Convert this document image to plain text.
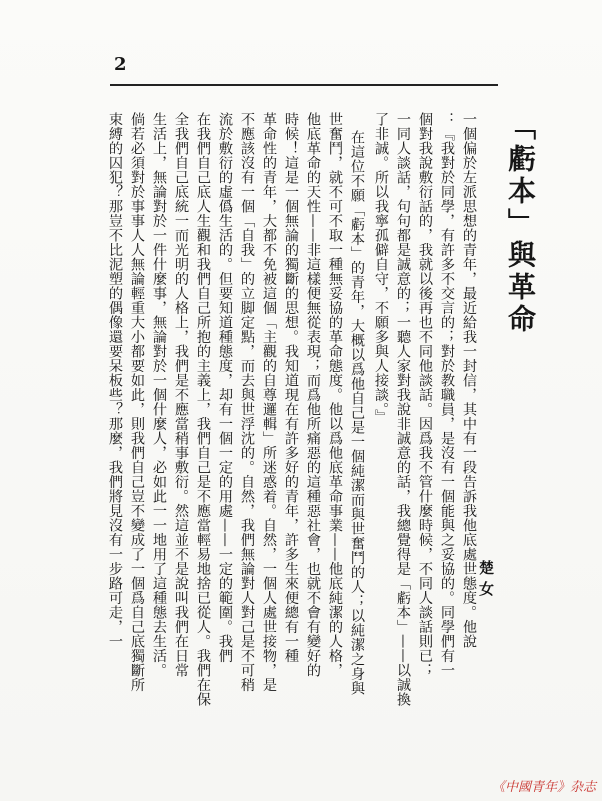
2
「虧本」與革命
楚女
一個偏於左派思想的青年，最近給我一封信，其中有一段告訴我他底處世態度。他說
：『我對於同學，有許多不交言的；對於教職員，是沒有一個能與之妥協的。同學們有一
個對我說敷衍話的，我就以後再也不同他談話。因爲我不管什麼時候，不同人談話則已；
一同人談話，句句都是誠意的；一聽人家對我說非誠意的話，我總覺得是「虧本」——以誠換
了非誠。所以我寧孤僻自守，不願多與人接談。』
在這位不願「虧本」的青年，大概以爲他自己是一個純潔而與世奮鬥的人；以純潔之身與
世奮鬥，就不可不取一種無妥協的革命態度。他以爲他底革命事業——他底純潔的人格，
他底革命的天性——非這樣便無從表現；而爲他所痛惡的這種惡社會，也就不會有變好的
時候！這是一個無論的獨斷的思想。我知道現在有許多好的青年，許多生來便總有一種
革命性的青年，大都不免被這個「主觀的自尊邏輯」所迷惑着。自然，一個人處世接物，是
不應該沒有一個「自我」的立脚定點，而去與世浮沈的。自然，我們無論對人對己是不可稍
流於敷衍的虛僞生活的。但要知道種態度，却有一個一定的用處——一定的範圍。我們
在我們自己底人生觀和我們自己所抱的主義上，我們自己是不應當輕易地捨已從人。我們在保
全我們自己底統一而光明的人格上，我們是不應當稍事敷衍。然這並不是說叫我們在日常
生活上，無論對於一件什麼事，無論對於一個什麼人，必如此一一地用了這種態去生活。
倘若必須對於事事人人無論輕重大小都要如此，則我們自己豈不變成了一個爲自己底獨斷所
束縛的囚犯？那豈不比泥塑的偶像還要呆板些？那麼，我們將見沒有一步路可走，一
《中國青年》杂志
